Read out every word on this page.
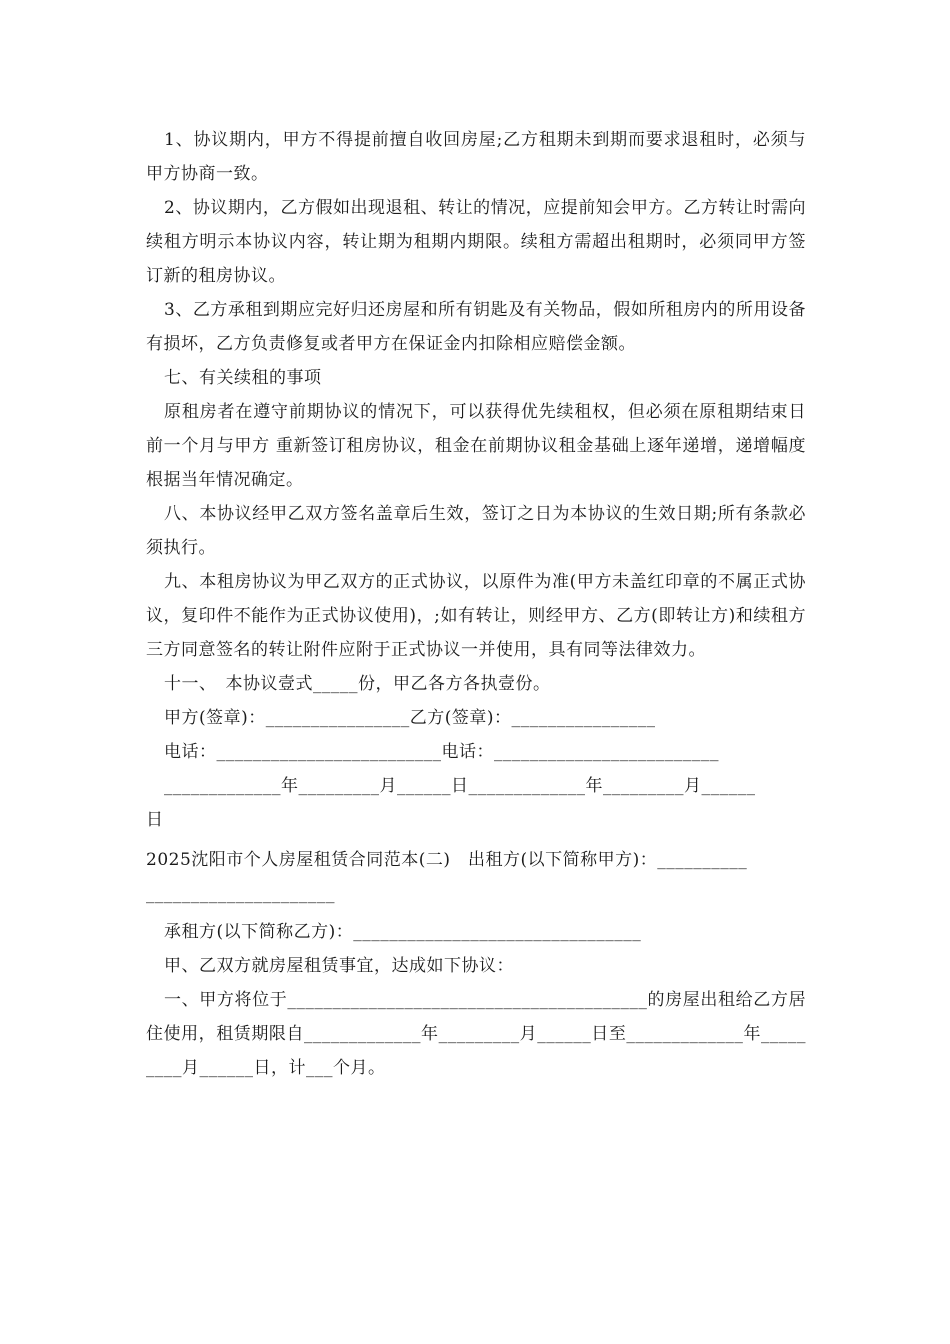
1、协议期内，甲方不得提前擅自收回房屋;乙方租期未到期而要求退租时，必须与甲方协商一致。

2、协议期内，乙方假如出现退租、转让的情况，应提前知会甲方。乙方转让时需向续租方明示本协议内容，转让期为租期内期限。续租方需超出租期时，必须同甲方签订新的租房协议。

3、乙方承租到期应完好归还房屋和所有钥匙及有关物品，假如所租房内的所用设备有损坏，乙方负责修复或者甲方在保证金内扣除相应赔偿金额。

七、有关续租的事项

原租房者在遵守前期协议的情况下，可以获得优先续租权，但必须在原租期结束日前一个月与甲方 重新签订租房协议，租金在前期协议租金基础上逐年递增，递增幅度根据当年情况确定。

八、本协议经甲乙双方签名盖章后生效，签订之日为本协议的生效日期;所有条款必须执行。

九、本租房协议为甲乙双方的正式协议，以原件为准(甲方未盖红印章的不属正式协议，复印件不能作为正式协议使用)，;如有转让，则经甲方、乙方(即转让方)和续租方三方同意签名的转让附件应附于正式协议一并使用，具有同等法律效力。

十一、　本协议壹式_____份，甲乙各方各执壹份。

甲方(签章)：________________乙方(签章)：________________

电话：_________________________电话：_________________________

_____________年_________月______日_____________年_________月______

日

2025沈阳市个人房屋租赁合同范本(二)　出租方(以下简称甲方)：__________

_____________________

承租方(以下简称乙方)：________________________________

甲、乙双方就房屋租赁事宜，达成如下协议：

一、甲方将位于________________________________________的房屋出租给乙方居住使用，租赁期限自_____________年_________月______日至_____________年_________月______日，计___个月。
